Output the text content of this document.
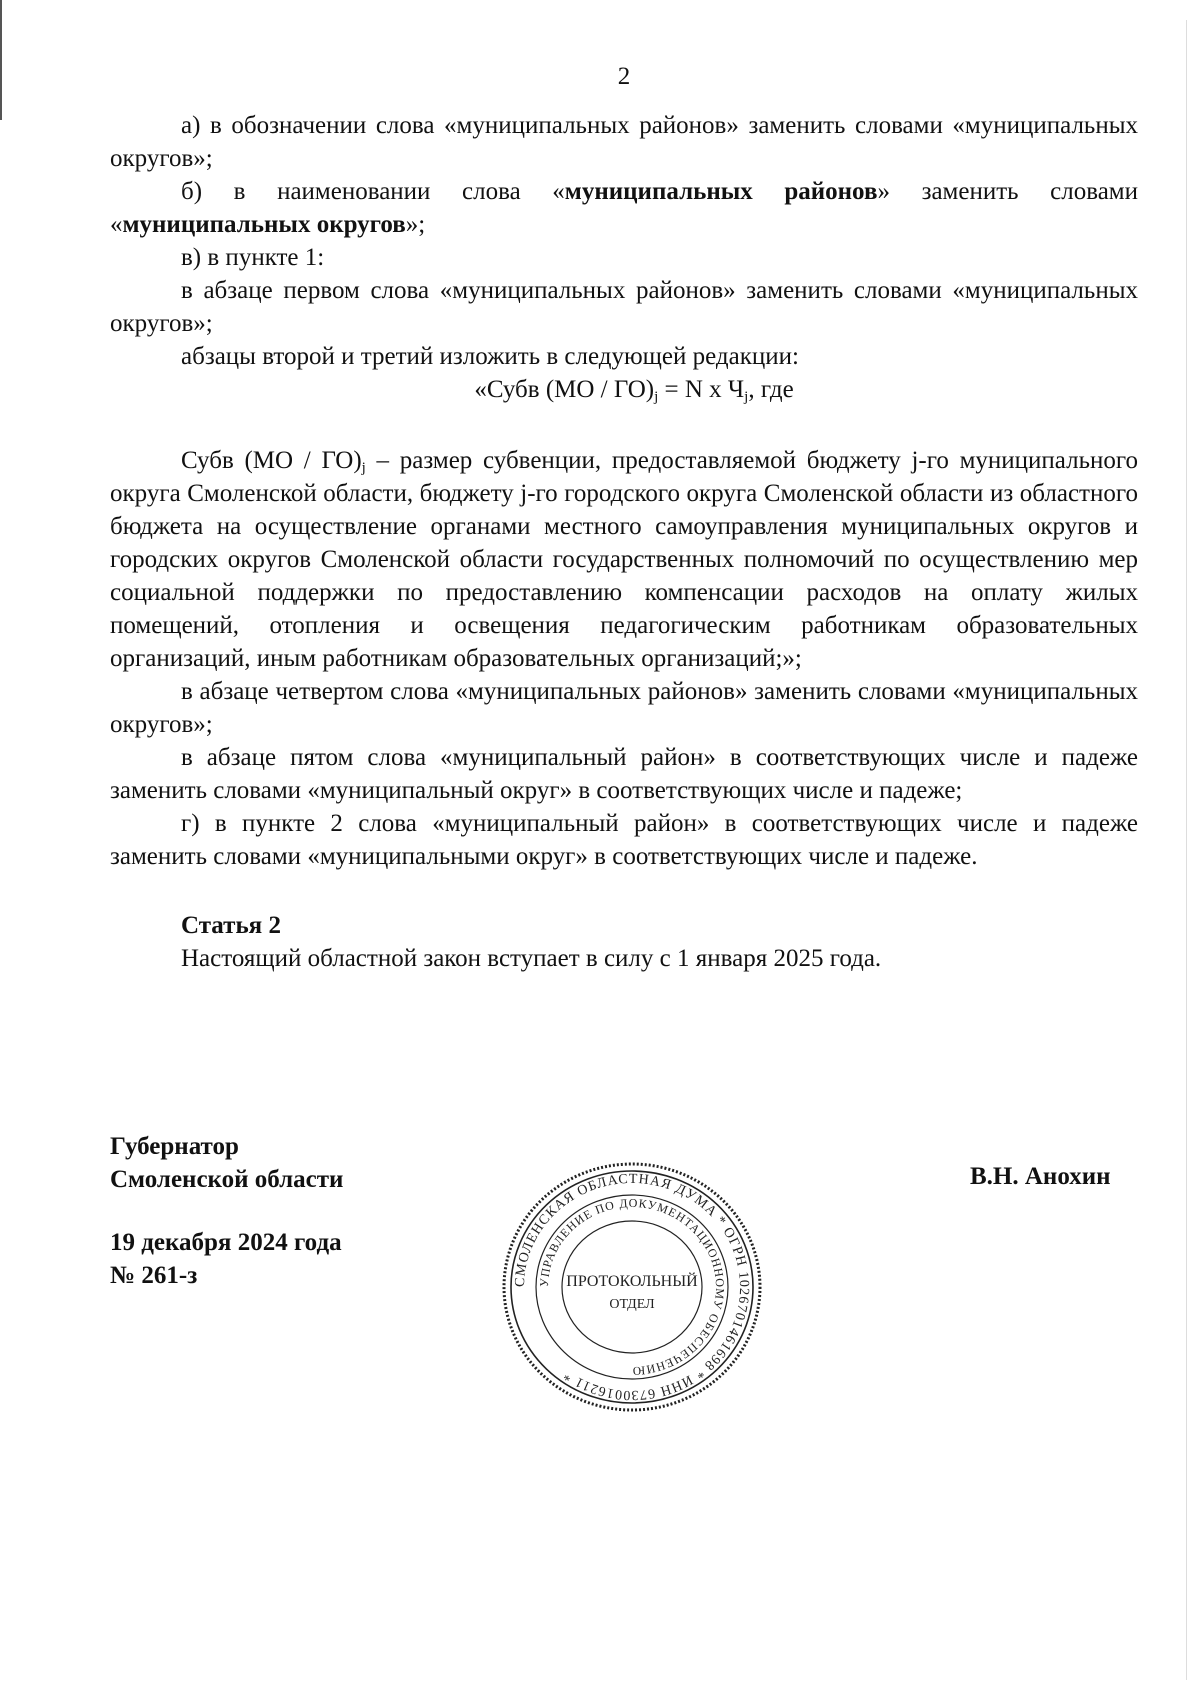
2

а) в обозначении слова «муниципальных районов» заменить словами «муниципальных округов»;

б) в наименовании слова «муниципальных районов» заменить словами «муниципальных округов»;

в) в пункте 1:

в абзаце первом слова «муниципальных районов» заменить словами «муниципальных округов»;

абзацы второй и третий изложить в следующей редакции:

«Субв $(МО / ГО)_j = N$ x $Ч_j$, где

Субв $(МО / ГО)_j$ – размер субвенции, предоставляемой бюджету j-го муниципального округа Смоленской области, бюджету j-го городского округа Смоленской области из областного бюджета на осуществление органами местного самоуправления муниципальных округов и городских округов Смоленской области государственных полномочий по осуществлению мер социальной поддержки по предоставлению компенсации расходов на оплату жилых помещений, отопления и освещения педагогическим работникам образовательных организаций, иным работникам образовательных организаций;»;

в абзаце четвертом слова «муниципальных районов» заменить словами «муниципальных округов»;

в абзаце пятом слова «муниципальный район» в соответствующих числе и падеже заменить словами «муниципальный округ» в соответствующих числе и падеже;

г) в пункте 2 слова «муниципальный район» в соответствующих числе и падеже заменить словами «муниципальными округ» в соответствующих числе и падеже.

Статья 2

Настоящий областной закон вступает в силу с 1 января 2025 года.

Губернатор
Смоленской области
19 декабря 2024 года
№ 261-з
В.Н. Анохин
СМОЛЕНСКАЯ ОБЛАСТНАЯ ДУМА * ОГРН 1026701461698 * ИНН 6730016211 *
УПРАВЛЕНИЕ ПО ДОКУМЕНТАЦИОННОМУ ОБЕСПЕЧЕНИЮ
ПРОТОКОЛЬНЫЙ
ОТДЕЛ
